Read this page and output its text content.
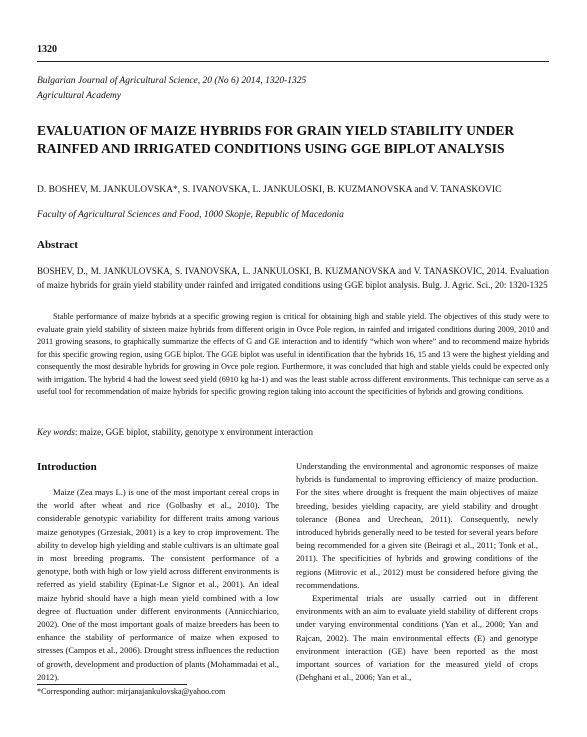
1320
Bulgarian Journal of Agricultural Science, 20 (No 6) 2014, 1320-1325
Agricultural Academy
EVALUATION OF MAIZE HYBRIDS FOR GRAIN YIELD STABILITY UNDER RAINFED AND IRRIGATED CONDITIONS USING GGE BIPLOT ANALYSIS
D. BOSHEV, M. JANKULOVSKA*, S. IVANOVSKA, L. JANKULOSKI, B. KUZMANOVSKA and V. TANASKOVIC
Faculty of Agricultural Sciences and Food, 1000 Skopje, Republic of Macedonia
Abstract
BOSHEV, D., M. JANKULOVSKA, S. IVANOVSKA, L. JANKULOSKI, B. KUZMANOVSKA and V. TANASKOVIC, 2014. Evaluation of maize hybrids for grain yield stability under rainfed and irrigated conditions using GGE biplot analysis. Bulg. J. Agric. Sci., 20: 1320-1325
Stable performance of maize hybrids at a specific growing region is critical for obtaining high and stable yield. The objectives of this study were to evaluate grain yield stability of sixteen maize hybrids from different origin in Ovce Pole region, in rainfed and irrigated conditions during 2009, 2010 and 2011 growing seasons, to graphically summarize the effects of G and GE interaction and to identify “which won where” and to recommend maize hybrids for this specific growing region, using GGE biplot. The GGE biplot was useful in identification that the hybrids 16, 15 and 13 were the highest yielding and consequently the most desirable hybrids for growing in Ovce pole region. Furthermore, it was concluded that high and stable yields could be expected only with irrigation. The hybrid 4 had the lowest seed yield (6910 kg ha-1) and was the least stable across different environments. This technique can serve as a useful tool for recommendation of maize hybrids for specific growing region taking into account the specificities of hybrids and growing conditions.
Key words: maize, GGE biplot, stability, genotype x environment interaction
Introduction

Maize (Zea mays L.) is one of the most important cereal crops in the world after wheat and rice (Golbashy et al., 2010). The considerable genotypic variability for different traits among various maize genotypes (Grzesiak, 2001) is a key to crop improvement. The ability to develop high yielding and stable cultivars is an ultimate goal in most breeding programs. The consistent performance of a genotype, both with high or low yield across different environments is referred as yield stability (Epinat-Le Signor et al., 2001). An ideal maize hybrid should have a high mean yield combined with a low degree of fluctuation under different environments (Annicchiarico, 2002). One of the most important goals of maize breeders has been to enhance the stability of performance of maize when exposed to stresses (Campos et al., 2006). Drought stress influences the reduction of growth, development and production of plants (Mohammadai et al., 2012).

Understanding the environmental and agronomic responses of maize hybrids is fundamental to improving efficiency of maize production. For the sites where drought is frequent the main objectives of maize breeding, besides yielding capacity, are yield stability and drought tolerance (Bonea and Urechean, 2011). Consequently, newly introduced hybrids generally need to be tested for several years before being recommended for a given site (Beiragi et al., 2011; Tonk et al., 2011). The specificities of hybrids and growing conditions of the regions (Mitrovic et al., 2012) must be considered before giving the recommendations.

Experimental trials are usually carried out in different environments with an aim to evaluate yield stability of different crops under varying environmental conditions (Yan et al., 2000; Yan and Rajcan, 2002). The main environmental effects (E) and genotype environment interaction (GE) have been reported as the most important sources of variation for the measured yield of crops (Dehghani et al., 2006; Yan et al.,

*Corresponding author: mirjanajankulovska@yahoo.com
